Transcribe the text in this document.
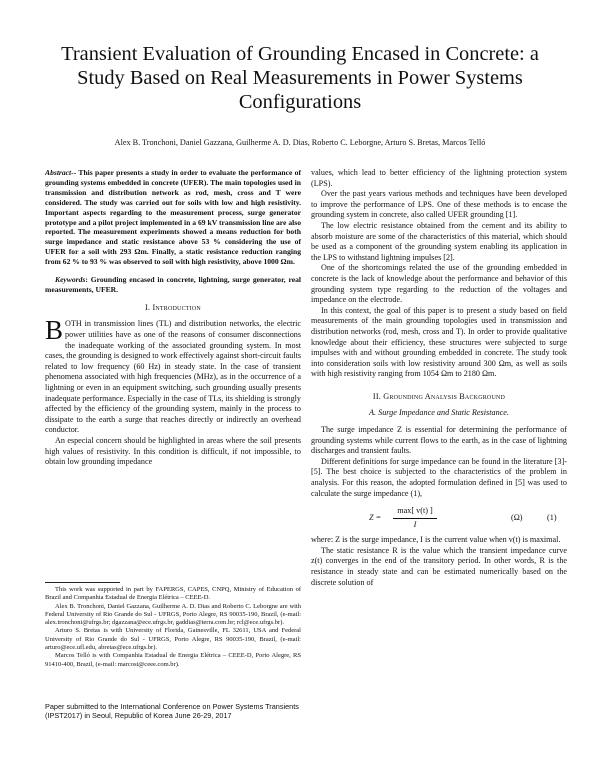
Transient Evaluation of Grounding Encased in Concrete: a Study Based on Real Measurements in Power Systems Configurations
Alex B. Tronchoni, Daniel Gazzana, Guilherme A. D. Dias, Roberto C. Leborgne, Arturo S. Bretas, Marcos Telló

Abstract-- This paper presents a study in order to evaluate the performance of grounding systems embedded in concrete (UFER). The main topologies used in transmission and distribution network as rod, mesh, cross and T were considered. The study was carried out for soils with low and high resistivity. Important aspects regarding to the measurement process, surge generator prototype and a pilot project implemented in a 69 kV transmission line are also reported. The measurement experiments showed a means reduction for both surge impedance and static resistance above 53 % considering the use of UFER for a soil with 293 Ωm. Finally, a static resistance reduction ranging from 62 % to 93 % was observed to soil with high resistivity, above 1000 Ωm.

Keywords: Grounding encased in concrete, lightning, surge generator, real measurements, UFER.

I. Introduction

BOTH in transmission lines (TL) and distribution networks, the electric power utilities have as one of the reasons of consumer disconnections the inadequate working of the associated grounding system. In most cases, the grounding is designed to work effectively against short-circuit faults related to low frequency (60 Hz) in steady state. In the case of transient phenomena associated with high frequencies (MHz), as in the occurrence of a lightning or even in an equipment switching, such grounding usually presents inadequate performance. Especially in the case of TLs, its shielding is strongly affected by the efficiency of the grounding system, mainly in the process to dissipate to the earth a surge that reaches directly or indirectly an overhead conductor.

An especial concern should be highlighted in areas where the soil presents high values of resistivity. In this condition is difficult, if not impossible, to obtain low grounding impedance

This work was supported in part by FAPERGS, CAPES, CNPQ, Ministry of Education of Brazil and Companhia Estadual de Energia Elétrica – CEEE-D.

Alex B. Tronchoni, Daniel Gazzana, Guilherme A. D. Dias and Roberto C. Leborgne are with Federal University of Rio Grande do Sul - UFRGS, Porto Alegre, RS 90035-190, Brazil, (e-mail: alex.tronchoni@ufrgs.br; dgazzana@ece.ufrgs.br, gaddias@terra.com.br; rcl@ece.ufrgs.br).

Arturo S. Bretas is with University of Florida, Gainesville, FL 32611, USA and Federal University of Rio Grande do Sul - UFRGS, Porto Alegre, RS 90035-190, Brazil, (e-mail: arturo@ece.ufl.edu, abretas@ece.ufrgs.br).

Marcos Telló is with Companhia Estadual de Energia Elétrica – CEEE-D, Porto Alegre, RS 91410-400, Brazil, (e-mail: marcost@ceee.com.br).

Paper submitted to the International Conference on Power Systems Transients (IPST2017) in Seoul, Republic of Korea June 26-29, 2017

values, which lead to better efficiency of the lightning protection system (LPS).

Over the past years various methods and techniques have been developed to improve the performance of LPS. One of these methods is to encase the grounding system in concrete, also called UFER grounding [1].

The low electric resistance obtained from the cement and its ability to absorb moisture are some of the characteristics of this material, which should be used as a component of the grounding system enabling its application in the LPS to withstand lightning impulses [2].

One of the shortcomings related the use of the grounding embedded in concrete is the lack of knowledge about the performance and behavior of this grounding system type regarding to the reduction of the voltages and impedance on the electrode.

In this context, the goal of this paper is to present a study based on field measurements of the main grounding topologies used in transmission and distribution networks (rod, mesh, cross and T). In order to provide qualitative knowledge about their efficiency, these structures were subjected to surge impulses with and without grounding embedded in concrete. The study took into consideration soils with low resistivity around 300 Ωm, as well as soils with high resistivity ranging from 1054 Ωm to 2180 Ωm.

II. Grounding Analysis Background
A. Surge Impedance and Static Resistance.

The surge impedance Z is essential for determining the performance of grounding systems while current flows to the earth, as in the case of lightning discharges and transient faults.

Different definitions for surge impedance can be found in the literature [3]-[5]. The best choice is subjected to the characteristics of the problem in analysis. For this reason, the adopted formulation defined in [5] was used to calculate the surge impedance (1),

Z =
max[ v(t) ]
I
(Ω)	(1)

where: Z is the surge impedance, I is the current value when v(t) is maximal.

The static resistance R is the value which the transient impedance curve z(t) converges in the end of the transitory period. In other words, R is the resistance in steady state and can be estimated numerically based on the discrete solution of
